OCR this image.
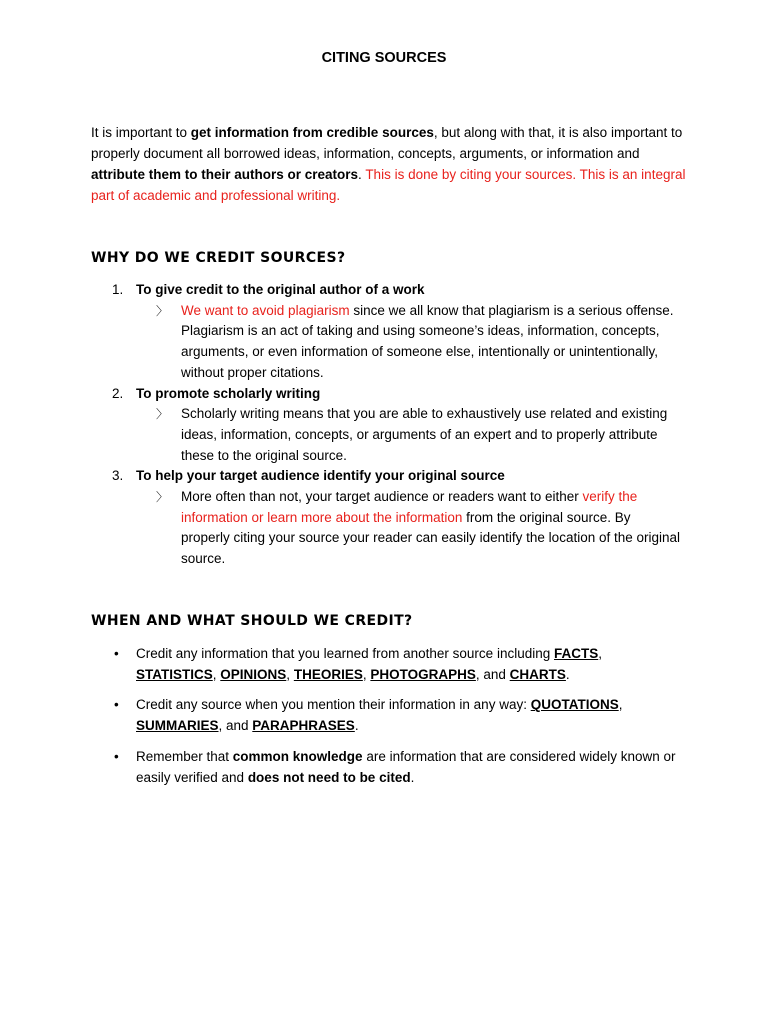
CITING SOURCES

It is important to get information from credible sources, but along with that, it is also important to properly document all borrowed ideas, information, concepts, arguments, or information and attribute them to their authors or creators. This is done by citing your sources. This is an integral part of academic and professional writing.

WHY DO WE CREDIT SOURCES?
1. To give credit to the original author of a work
〉 We want to avoid plagiarism since we all know that plagiarism is a serious offense. Plagiarism is an act of taking and using someone’s ideas, information, concepts, arguments, or even information of someone else, intentionally or unintentionally, without proper citations.
2. To promote scholarly writing
〉 Scholarly writing means that you are able to exhaustively use related and existing ideas, information, concepts, or arguments of an expert and to properly attribute these to the original source.
3. To help your target audience identify your original source
〉 More often than not, your target audience or readers want to either verify the information or learn more about the information from the original source. By properly citing your source your reader can easily identify the location of the original source.
WHEN AND WHAT SHOULD WE CREDIT?
• Credit any information that you learned from another source including FACTS, STATISTICS, OPINIONS, THEORIES, PHOTOGRAPHS, and CHARTS.
• Credit any source when you mention their information in any way: QUOTATIONS, SUMMARIES, and PARAPHRASES.
• Remember that common knowledge are information that are considered widely known or easily verified and does not need to be cited.
